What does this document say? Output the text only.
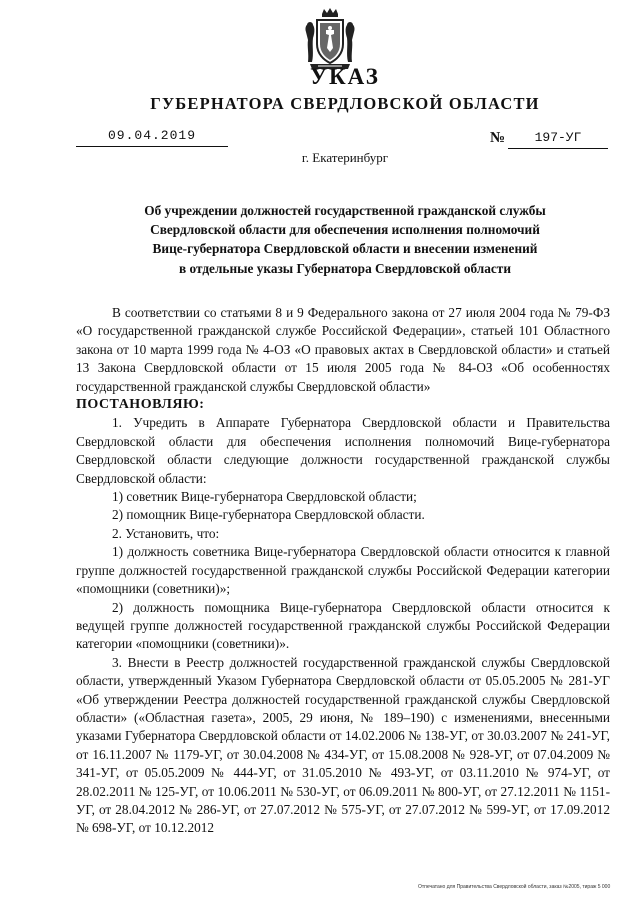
УКАЗ
ГУБЕРНАТОРА СВЕРДЛОВСКОЙ ОБЛАСТИ
09.04.2019	№	197-УГ
г. Екатеринбург
Об учреждении должностей государственной гражданской службы
Свердловской области для обеспечения исполнения полномочий
Вице-губернатора Свердловской области и внесении изменений
в отдельные указы Губернатора Свердловской области

В соответствии со статьями 8 и 9 Федерального закона от 27 июля 2004 года № 79-ФЗ «О государственной гражданской службе Российской Федерации», статьей 101 Областного закона от 10 марта 1999 года № 4-ОЗ «О правовых актах в Свердловской области» и статьей 13 Закона Свердловской области от 15 июля 2005 года № 84-ОЗ «Об особенностях государственной гражданской службы Свердловской области»

ПОСТАНОВЛЯЮ:

1. Учредить в Аппарате Губернатора Свердловской области и Правительства Свердловской области для обеспечения исполнения полномочий Вице-губернатора Свердловской области следующие должности государственной гражданской службы Свердловской области:

1) советник Вице-губернатора Свердловской области;

2) помощник Вице-губернатора Свердловской области.

2. Установить, что:

1) должность советника Вице-губернатора Свердловской области относится к главной группе должностей государственной гражданской службы Российской Федерации категории «помощники (советники)»;

2) должность помощника Вице-губернатора Свердловской области относится к ведущей группе должностей государственной гражданской службы Российской Федерации категории «помощники (советники)».

3. Внести в Реестр должностей государственной гражданской службы Свердловской области, утвержденный Указом Губернатора Свердловской области от 05.05.2005 № 281-УГ «Об утверждении Реестра должностей государственной гражданской службы Свердловской области» («Областная газета», 2005, 29 июня, № 189–190) с изменениями, внесенными указами Губернатора Свердловской области от 14.02.2006 № 138-УГ, от 30.03.2007 № 241-УГ, от 16.11.2007 № 1179-УГ, от 30.04.2008 № 434-УГ, от 15.08.2008 № 928-УГ, от 07.04.2009 № 341-УГ, от 05.05.2009 № 444-УГ, от 31.05.2010 № 493-УГ, от 03.11.2010 № 974-УГ, от 28.02.2011 № 125-УГ, от 10.06.2011 № 530-УГ, от 06.09.2011 № 800-УГ, от 27.12.2011 № 1151-УГ, от 28.04.2012 № 286-УГ, от 27.07.2012 № 575-УГ, от 27.07.2012 № 599-УГ, от 17.09.2012 № 698-УГ, от 10.12.2012

Отпечатано для Правительства Свердловской области, заказ №2005, тираж 5 000
